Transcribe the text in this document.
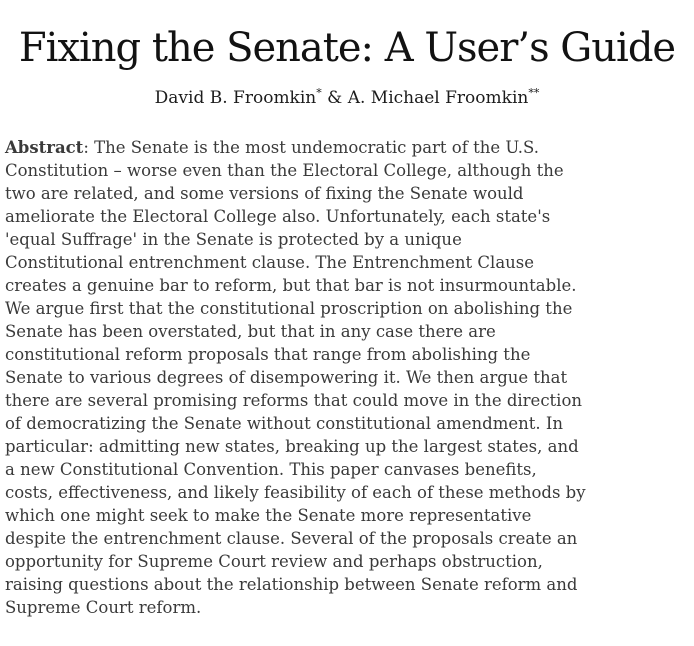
Fixing the Senate: A User’s Guide
David B. Froomkin* & A. Michael Froomkin**
Abstract: The Senate is the most undemocratic part of the U.S.
Constitution – worse even than the Electoral College, although the
two are related, and some versions of fixing the Senate would
ameliorate the Electoral College also. Unfortunately, each state's
'equal Suffrage' in the Senate is protected by a unique
Constitutional entrenchment clause. The Entrenchment Clause
creates a genuine bar to reform, but that bar is not insurmountable.
We argue first that the constitutional proscription on abolishing the
Senate has been overstated, but that in any case there are
constitutional reform proposals that range from abolishing the
Senate to various degrees of disempowering it. We then argue that
there are several promising reforms that could move in the direction
of democratizing the Senate without constitutional amendment. In
particular: admitting new states, breaking up the largest states, and
a new Constitutional Convention. This paper canvases benefits,
costs, effectiveness, and likely feasibility of each of these methods by
which one might seek to make the Senate more representative
despite the entrenchment clause. Several of the proposals create an
opportunity for Supreme Court review and perhaps obstruction,
raising questions about the relationship between Senate reform and
Supreme Court reform.
